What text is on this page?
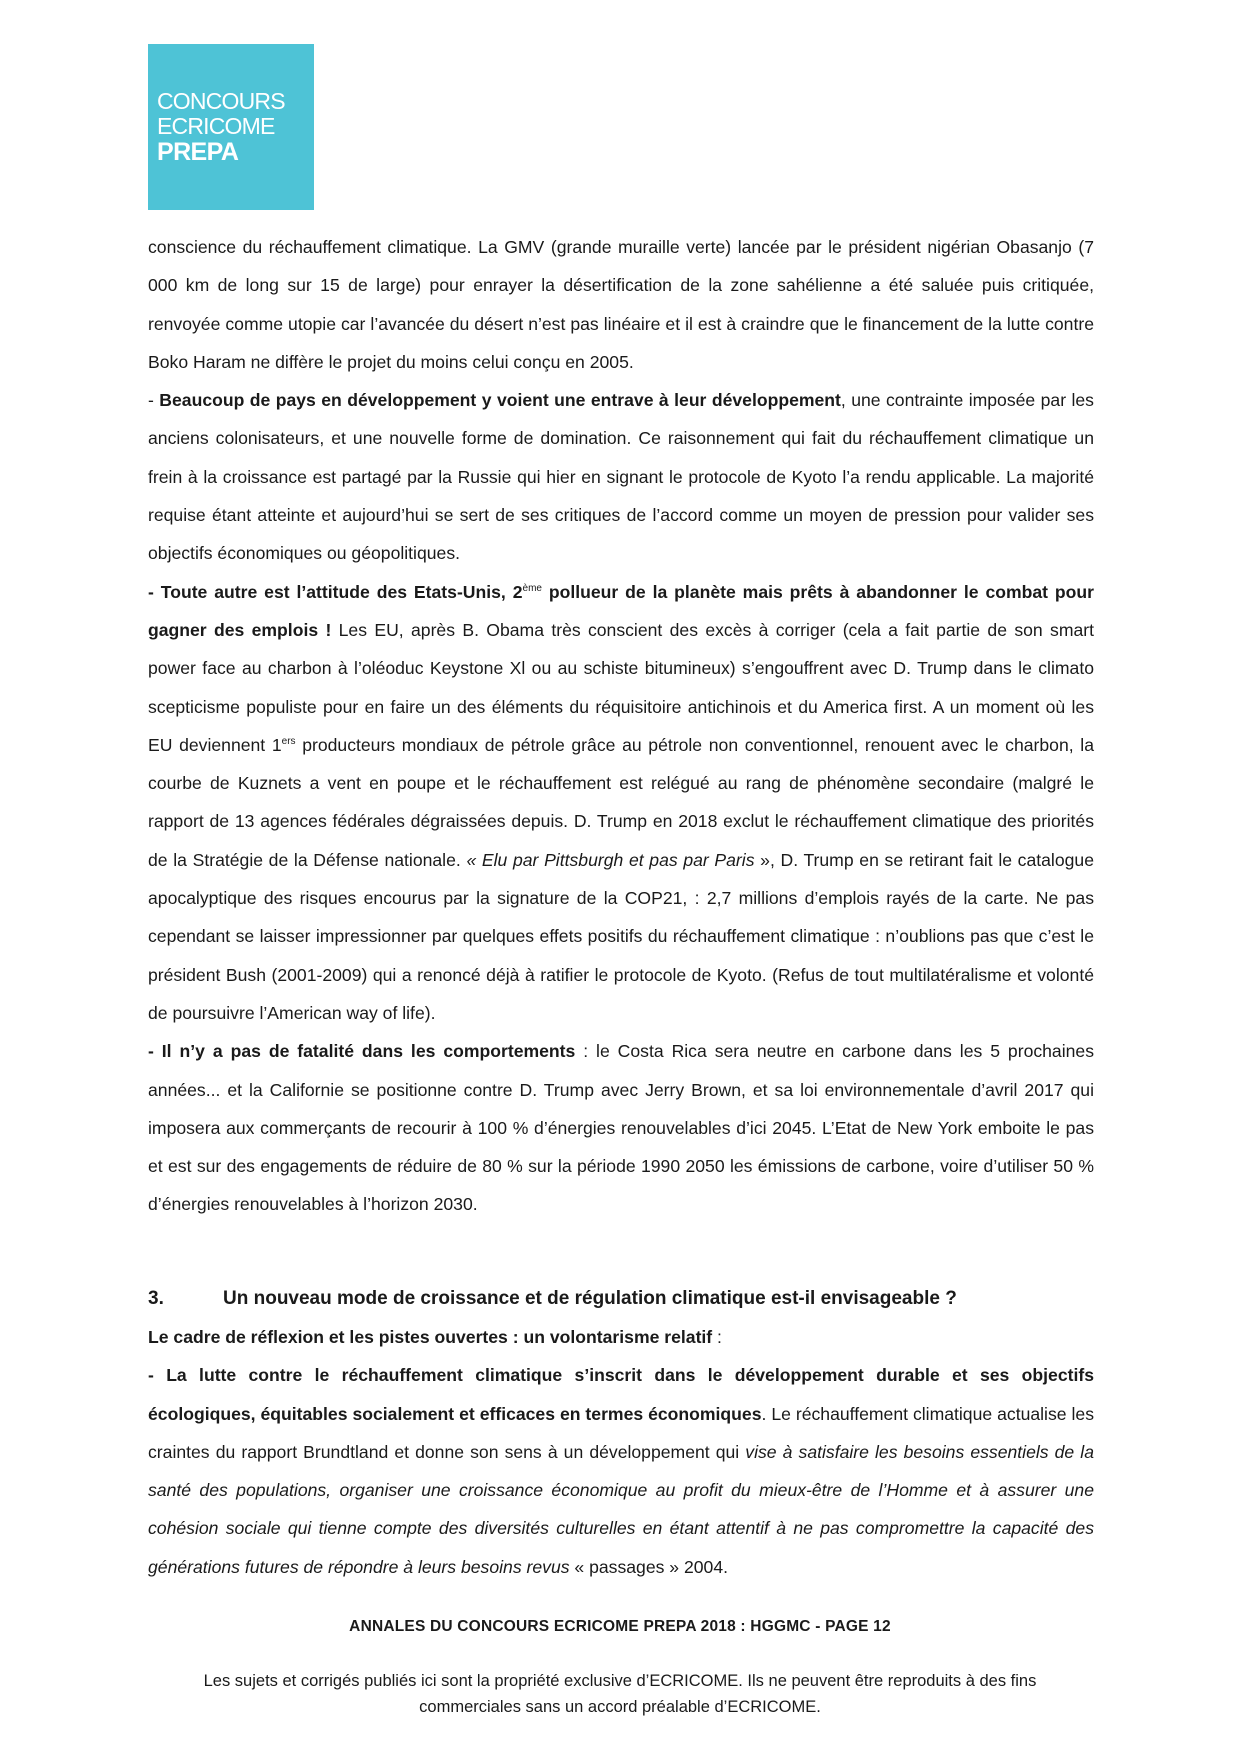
CONCOURS
ECRICOME
PREPA

conscience du réchauffement climatique. La GMV (grande muraille verte) lancée par le président nigérian Obasanjo (7 000 km de long sur 15 de large) pour enrayer la désertification de la zone sahélienne a été saluée puis critiquée, renvoyée comme utopie car l’avancée du désert n’est pas linéaire et il est à craindre que le financement de la lutte contre Boko Haram ne diffère le projet du moins celui conçu en 2005.

- Beaucoup de pays en développement y voient une entrave à leur développement, une contrainte imposée par les anciens colonisateurs, et une nouvelle forme de domination. Ce raisonnement qui fait du réchauffement climatique un frein à la croissance est partagé par la Russie qui hier en signant le protocole de Kyoto l’a rendu applicable. La majorité requise étant atteinte et aujourd’hui se sert de ses critiques de l’accord comme un moyen de pression pour valider ses objectifs économiques ou géopolitiques.

- Toute autre est l’attitude des Etats-Unis, 2ème pollueur de la planète mais prêts à abandonner le combat pour gagner des emplois ! Les EU, après B. Obama très conscient des excès à corriger (cela a fait partie de son smart power face au charbon à l’oléoduc Keystone Xl ou au schiste bitumineux) s’engouffrent avec D. Trump dans le climato scepticisme populiste pour en faire un des éléments du réquisitoire antichinois et du America first. A un moment où les EU deviennent 1ers producteurs mondiaux de pétrole grâce au pétrole non conventionnel, renouent avec le charbon, la courbe de Kuznets a vent en poupe et le réchauffement est relégué au rang de phénomène secondaire (malgré le rapport de 13 agences fédérales dégraissées depuis. D. Trump en 2018 exclut le réchauffement climatique des priorités de la Stratégie de la Défense nationale. « Elu par Pittsburgh et pas par Paris », D. Trump en se retirant fait le catalogue apocalyptique des risques encourus par la signature de la COP21, : 2,7 millions d’emplois rayés de la carte. Ne pas cependant se laisser impressionner par quelques effets positifs du réchauffement climatique : n’oublions pas que c’est le président Bush (2001-2009) qui a renoncé déjà à ratifier le protocole de Kyoto. (Refus de tout multilatéralisme et volonté de poursuivre l’American way of life).

- Il n’y a pas de fatalité dans les comportements : le Costa Rica sera neutre en carbone dans les 5 prochaines années... et la Californie se positionne contre D. Trump avec Jerry Brown, et sa loi environnementale d’avril 2017 qui imposera aux commerçants de recourir à 100 % d’énergies renouvelables d’ici 2045. L’Etat de New York emboite le pas et est sur des engagements de réduire de 80 % sur la période 1990 2050 les émissions de carbone, voire d’utiliser 50 % d’énergies renouvelables à l’horizon 2030.

3.	Un nouveau mode de croissance et de régulation climatique est-il envisageable ?

Le cadre de réflexion et les pistes ouvertes : un volontarisme relatif :

- La lutte contre le réchauffement climatique s’inscrit dans le développement durable et ses objectifs écologiques, équitables socialement et efficaces en termes économiques. Le réchauffement climatique actualise les craintes du rapport Brundtland et donne son sens à un développement qui vise à satisfaire les besoins essentiels de la santé des populations, organiser une croissance économique au profit du mieux-être de l’Homme et à assurer une cohésion sociale qui tienne compte des diversités culturelles en étant attentif à ne pas compromettre la capacité des générations futures de répondre à leurs besoins revus « passages » 2004.

ANNALES DU CONCOURS ECRICOME PREPA 2018 : HGGMC - PAGE 12
Les sujets et corrigés publiés ici sont la propriété exclusive d’ECRICOME. Ils ne peuvent être reproduits à des fins commerciales sans un accord préalable d’ECRICOME.
